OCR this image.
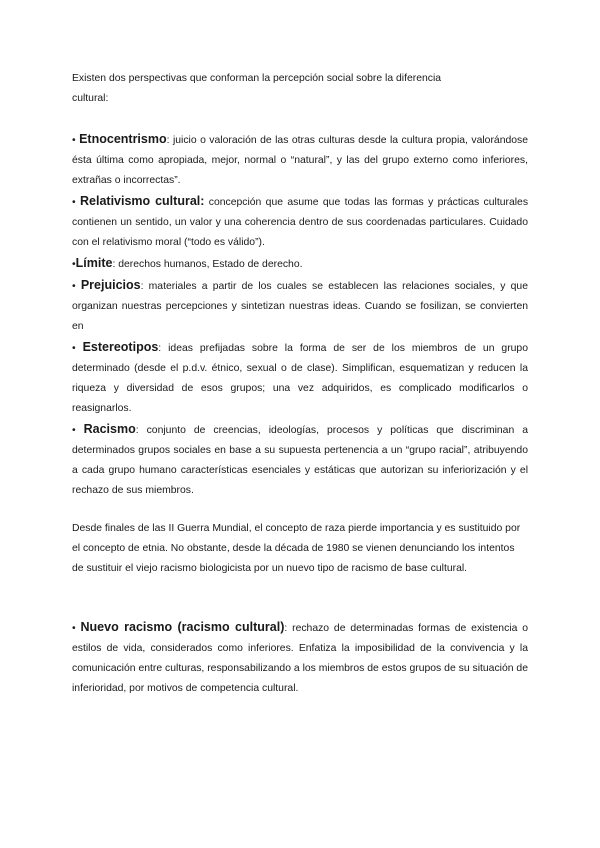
Existen dos perspectivas que conforman la percepción social sobre la diferencia

cultural:

• Etnocentrismo: juicio o valoración de las otras culturas desde la cultura propia, valorándose ésta última como apropiada, mejor, normal o “natural”, y las del grupo externo como inferiores, extrañas o incorrectas”.

• Relativismo cultural: concepción que asume que todas las formas y prácticas culturales contienen un sentido, un valor y una coherencia dentro de sus coordenadas particulares. Cuidado con el relativismo moral (“todo es válido”).

•Límite: derechos humanos, Estado de derecho.

• Prejuicios: materiales a partir de los cuales se establecen las relaciones sociales, y que organizan nuestras percepciones y sintetizan nuestras ideas. Cuando se fosilizan, se convierten en

• Estereotipos: ideas prefijadas sobre la forma de ser de los miembros de un grupo determinado (desde el p.d.v. étnico, sexual o de clase). Simplifican, esquematizan y reducen la riqueza y diversidad de esos grupos; una vez adquiridos, es complicado modificarlos o reasignarlos.

• Racismo: conjunto de creencias, ideologías, procesos y políticas que discriminan a determinados grupos sociales en base a su supuesta pertenencia a un “grupo racial”, atribuyendo a cada grupo humano características esenciales y estáticas que autorizan su inferiorización y el rechazo de sus miembros.

Desde finales de las II Guerra Mundial, el concepto de raza pierde importancia y es sustituido por el concepto de etnia. No obstante, desde la década de 1980 se vienen denunciando los intentos de sustituir el viejo racismo biologicista por un nuevo tipo de racismo de base cultural.

• Nuevo racismo (racismo cultural): rechazo de determinadas formas de existencia o estilos de vida, considerados como inferiores. Enfatiza la imposibilidad de la convivencia y la comunicación entre culturas, responsabilizando a los miembros de estos grupos de su situación de inferioridad, por motivos de competencia cultural.
